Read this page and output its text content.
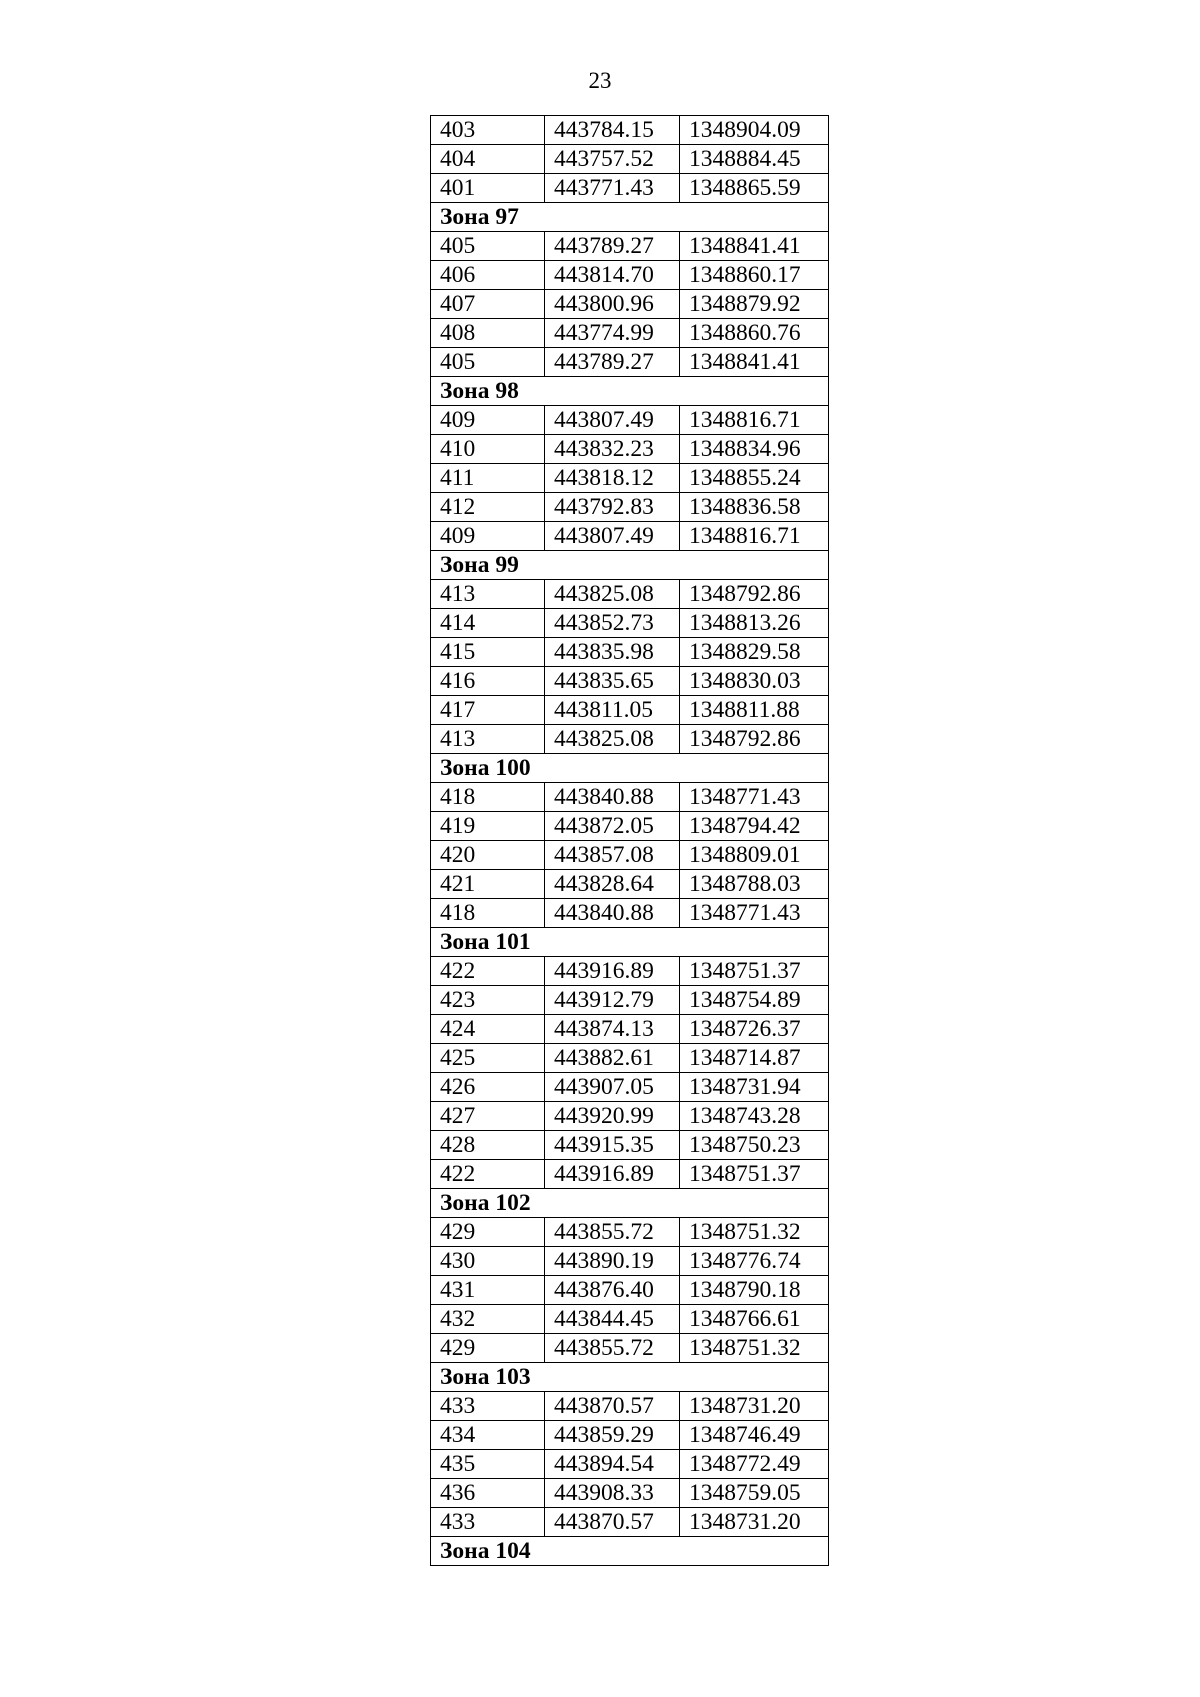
23
403	443784.15	1348904.09
404	443757.52	1348884.45
401	443771.43	1348865.59
Зона 97		
405	443789.27	1348841.41
406	443814.70	1348860.17
407	443800.96	1348879.92
408	443774.99	1348860.76
405	443789.27	1348841.41
Зона 98		
409	443807.49	1348816.71
410	443832.23	1348834.96
411	443818.12	1348855.24
412	443792.83	1348836.58
409	443807.49	1348816.71
Зона 99		
413	443825.08	1348792.86
414	443852.73	1348813.26
415	443835.98	1348829.58
416	443835.65	1348830.03
417	443811.05	1348811.88
413	443825.08	1348792.86
Зона 100		
418	443840.88	1348771.43
419	443872.05	1348794.42
420	443857.08	1348809.01
421	443828.64	1348788.03
418	443840.88	1348771.43
Зона 101		
422	443916.89	1348751.37
423	443912.79	1348754.89
424	443874.13	1348726.37
425	443882.61	1348714.87
426	443907.05	1348731.94
427	443920.99	1348743.28
428	443915.35	1348750.23
422	443916.89	1348751.37
Зона 102		
429	443855.72	1348751.32
430	443890.19	1348776.74
431	443876.40	1348790.18
432	443844.45	1348766.61
429	443855.72	1348751.32
Зона 103		
433	443870.57	1348731.20
434	443859.29	1348746.49
435	443894.54	1348772.49
436	443908.33	1348759.05
433	443870.57	1348731.20
Зона 104		
